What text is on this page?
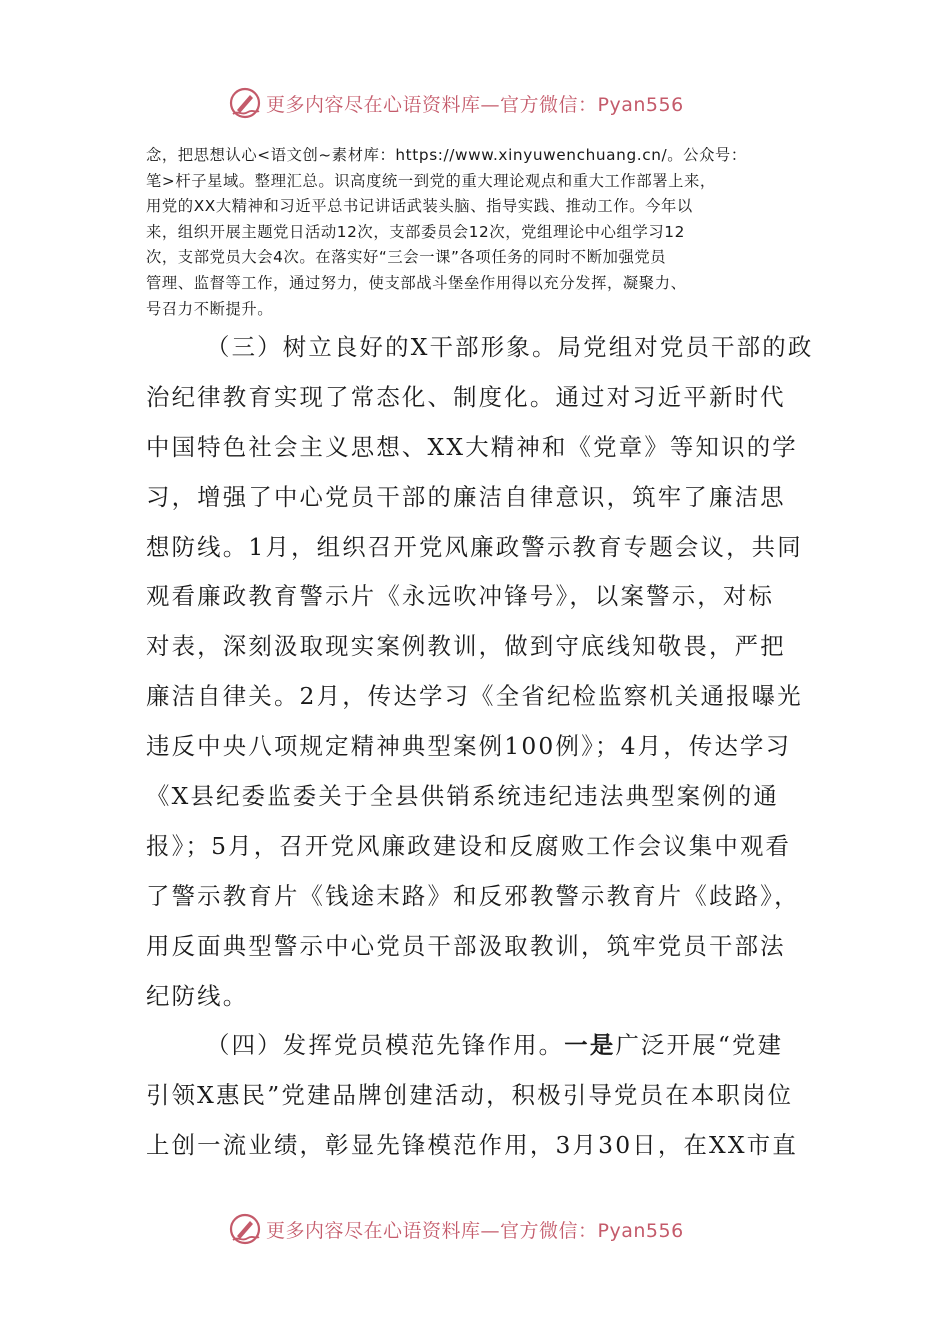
更多内容尽在心语资料库—官方微信：Pyan556

念，把思想认心<语文创~素材库：https://www.xinyuwenchuang.cn/。公众号：
笔>杆子星域。整理汇总。识高度统一到党的重大理论观点和重大工作部署上来，
用党的XX大精神和习近平总书记讲话武装头脑、指导实践、推动工作。今年以
来，组织开展主题党日活动12次，支部委员会12次，党组理论中心组学习12
次，支部党员大会4次。在落实好“三会一课”各项任务的同时不断加强党员
管理、监督等工作，通过努力，使支部战斗堡垒作用得以充分发挥，凝聚力、
号召力不断提升。

（三）树立良好的X干部形象。局党组对党员干部的政
治纪律教育实现了常态化、制度化。通过对习近平新时代
中国特色社会主义思想、XX大精神和《党章》等知识的学
习，增强了中心党员干部的廉洁自律意识，筑牢了廉洁思
想防线。1月，组织召开党风廉政警示教育专题会议，共同
观看廉政教育警示片《永远吹冲锋号》，以案警示，对标
对表，深刻汲取现实案例教训，做到守底线知敬畏，严把
廉洁自律关。2月，传达学习《全省纪检监察机关通报曝光
违反中央八项规定精神典型案例100例》；4月，传达学习
《X县纪委监委关于全县供销系统违纪违法典型案例的通
报》；5月，召开党风廉政建设和反腐败工作会议集中观看
了警示教育片《钱途末路》和反邪教警示教育片《歧路》，
用反面典型警示中心党员干部汲取教训，筑牢党员干部法
纪防线。
（四）发挥党员模范先锋作用。一是广泛开展“党建
引领X惠民”党建品牌创建活动，积极引导党员在本职岗位
上创一流业绩，彰显先锋模范作用，3月30日，在XX市直
更多内容尽在心语资料库—官方微信：Pyan556
